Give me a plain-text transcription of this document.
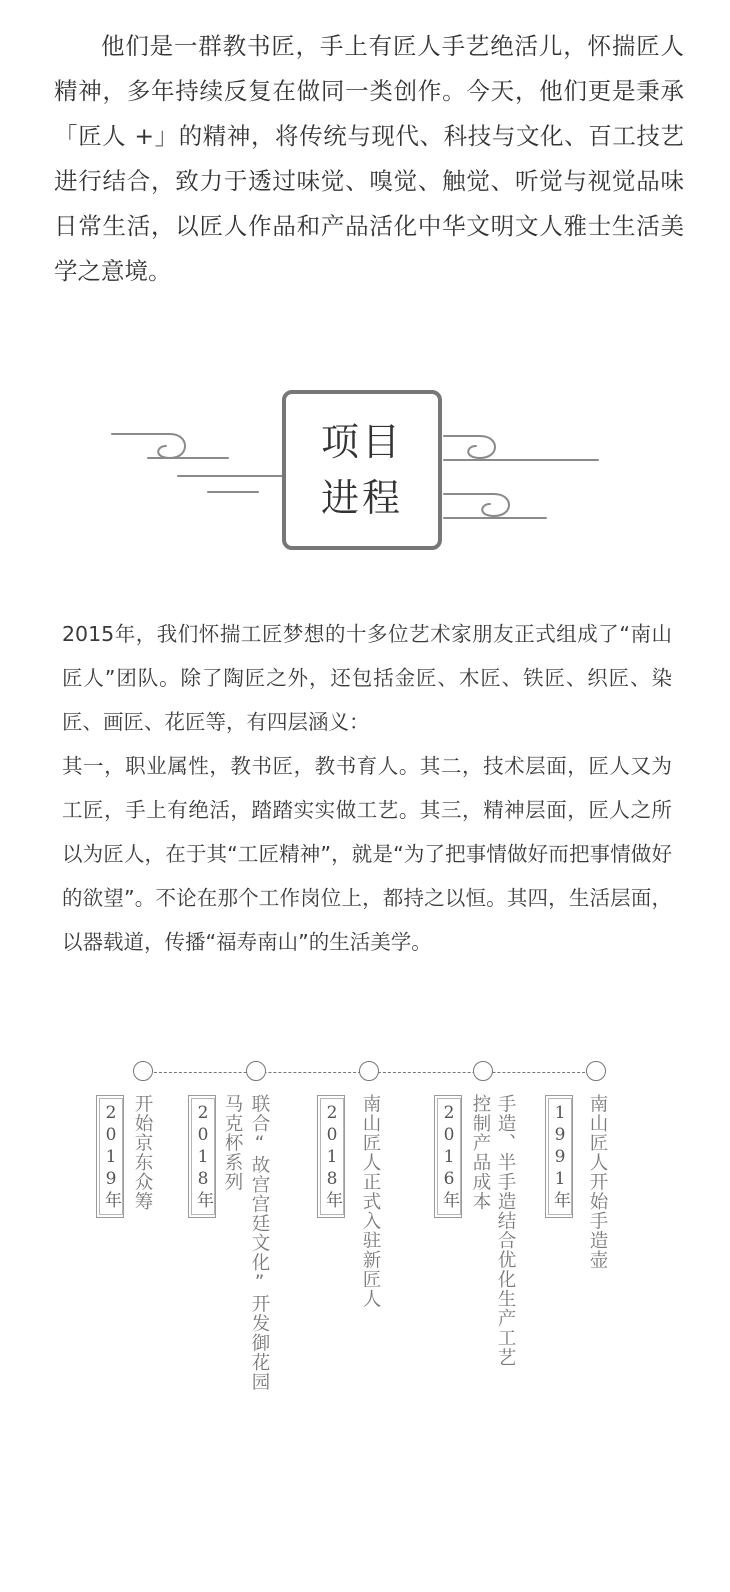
他们是一群教书匠，手上有匠人手艺绝活儿，怀揣匠人精神，多年持续反复在做同一类创作。今天，他们更是秉承「匠人 +」的精神，将传统与现代、科技与文化、百工技艺进行结合，致力于透过味觉、嗅觉、触觉、听觉与视觉品味日常生活，以匠人作品和产品活化中华文明文人雅士生活美学之意境。
项目
进程

2015年，我们怀揣工匠梦想的十多位艺术家朋友正式组成了“南山匠人”团队。除了陶匠之外，还包括金匠、木匠、铁匠、织匠、染匠、画匠、花匠等，有四层涵义：

其一，职业属性，教书匠，教书育人。其二，技术层面，匠人又为工匠，手上有绝活，踏踏实实做工艺。其三，精神层面，匠人之所以为匠人，在于其“工匠精神”，就是“为了把事情做好而把事情做好的欲望”。不论在那个工作岗位上，都持之以恒。其四，生活层面，以器载道，传播“福寿南山”的生活美学。

2019年 开始京东众筹 2018年 马克杯系列 联合“故宫宫廷文化”开发御花园	2018年 南山匠人正式入驻新匠人	2016年 控制产品成本 手造、半手造结合优化生产工艺 1991年 南山匠人开始手造壶
